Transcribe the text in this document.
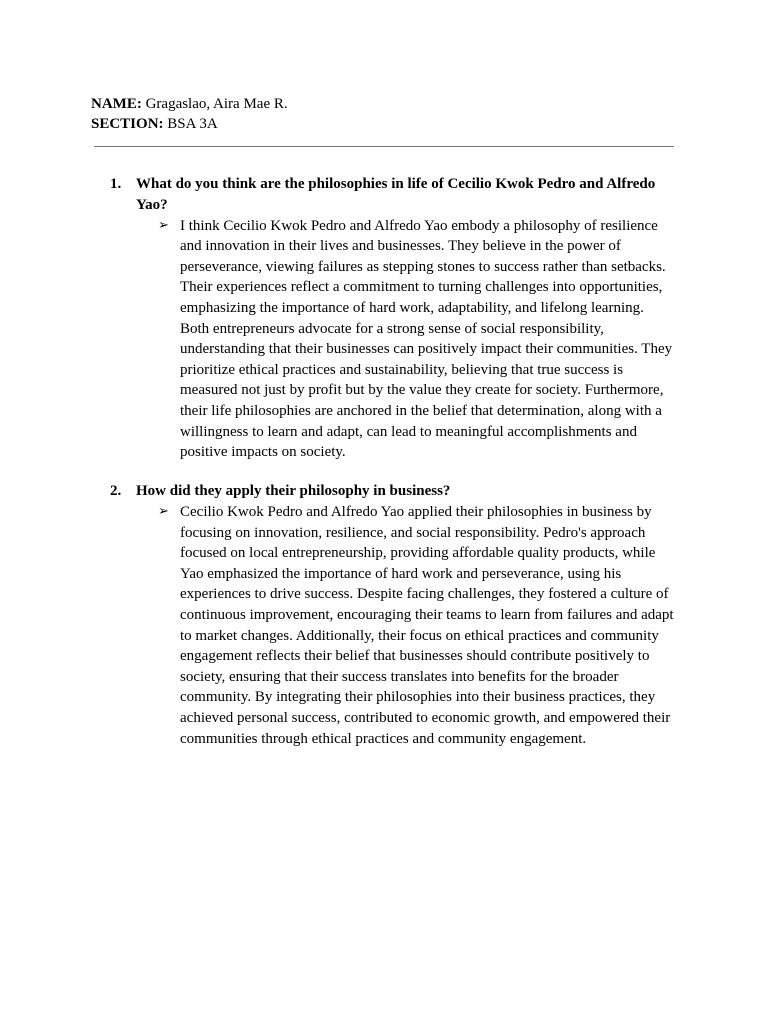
NAME: Gragaslao, Aira Mae R.
SECTION: BSA 3A
1. What do you think are the philosophies in life of Cecilio Kwok Pedro and Alfredo
Yao?
➢ I think Cecilio Kwok Pedro and Alfredo Yao embody a philosophy of resilience
and innovation in their lives and businesses. They believe in the power of
perseverance, viewing failures as stepping stones to success rather than setbacks.
Their experiences reflect a commitment to turning challenges into opportunities,
emphasizing the importance of hard work, adaptability, and lifelong learning.
Both entrepreneurs advocate for a strong sense of social responsibility,
understanding that their businesses can positively impact their communities. They
prioritize ethical practices and sustainability, believing that true success is
measured not just by profit but by the value they create for society. Furthermore,
their life philosophies are anchored in the belief that determination, along with a
willingness to learn and adapt, can lead to meaningful accomplishments and
positive impacts on society.
2. How did they apply their philosophy in business?
➢ Cecilio Kwok Pedro and Alfredo Yao applied their philosophies in business by
focusing on innovation, resilience, and social responsibility. Pedro's approach
focused on local entrepreneurship, providing affordable quality products, while
Yao emphasized the importance of hard work and perseverance, using his
experiences to drive success. Despite facing challenges, they fostered a culture of
continuous improvement, encouraging their teams to learn from failures and adapt
to market changes. Additionally, their focus on ethical practices and community
engagement reflects their belief that businesses should contribute positively to
society, ensuring that their success translates into benefits for the broader
community. By integrating their philosophies into their business practices, they
achieved personal success, contributed to economic growth, and empowered their
communities through ethical practices and community engagement.
